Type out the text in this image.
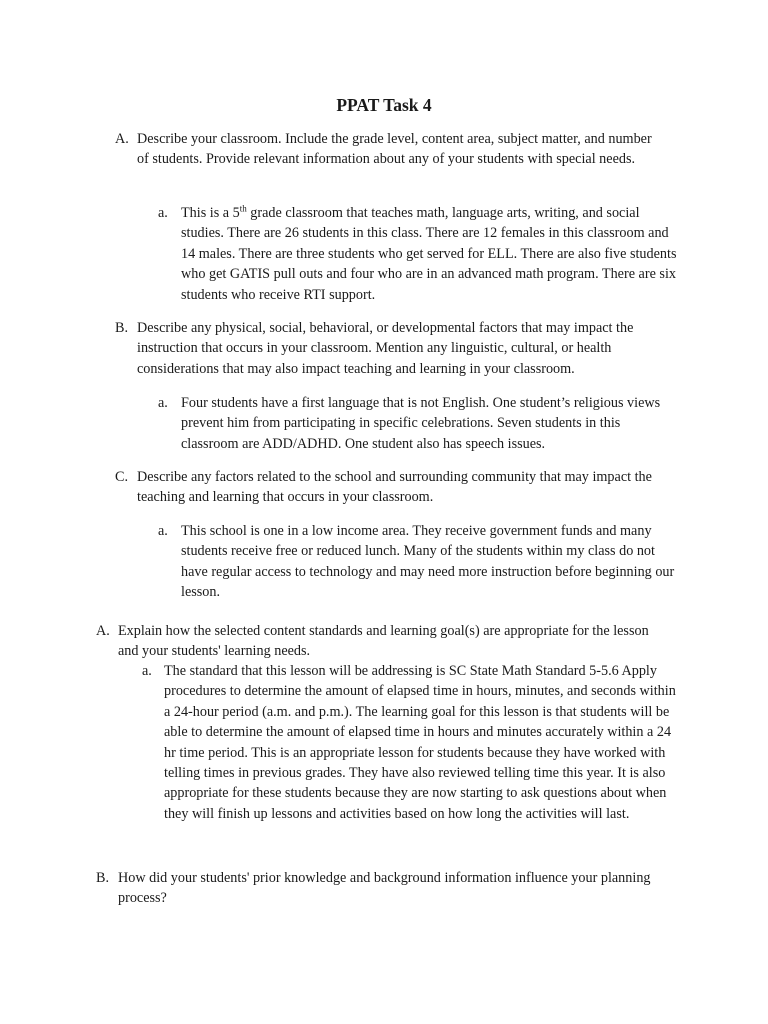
PPAT Task 4
A. Describe your classroom. Include the grade level, content area, subject matter, and number of students. Provide relevant information about any of your students with special needs.
a. This is a 5th grade classroom that teaches math, language arts, writing, and social studies. There are 26 students in this class. There are 12 females in this classroom and 14 males. There are three students who get served for ELL. There are also five students who get GATIS pull outs and four who are in an advanced math program. There are six students who receive RTI support.
B. Describe any physical, social, behavioral, or developmental factors that may impact the instruction that occurs in your classroom. Mention any linguistic, cultural, or health considerations that may also impact teaching and learning in your classroom.
a. Four students have a first language that is not English. One student’s religious views prevent him from participating in specific celebrations. Seven students in this classroom are ADD/ADHD. One student also has speech issues.
C. Describe any factors related to the school and surrounding community that may impact the teaching and learning that occurs in your classroom.
a. This school is one in a low income area. They receive government funds and many students receive free or reduced lunch. Many of the students within my class do not have regular access to technology and may need more instruction before beginning our lesson.
A. Explain how the selected content standards and learning goal(s) are appropriate for the lesson and your students' learning needs.
a. The standard that this lesson will be addressing is SC State Math Standard 5-5.6 Apply procedures to determine the amount of elapsed time in hours, minutes, and seconds within a 24-hour period (a.m. and p.m.). The learning goal for this lesson is that students will be able to determine the amount of elapsed time in hours and minutes accurately within a 24 hr time period. This is an appropriate lesson for students because they have worked with telling times in previous grades. They have also reviewed telling time this year. It is also appropriate for these students because they are now starting to ask questions about when they will finish up lessons and activities based on how long the activities will last.
B. How did your students' prior knowledge and background information influence your planning process?
